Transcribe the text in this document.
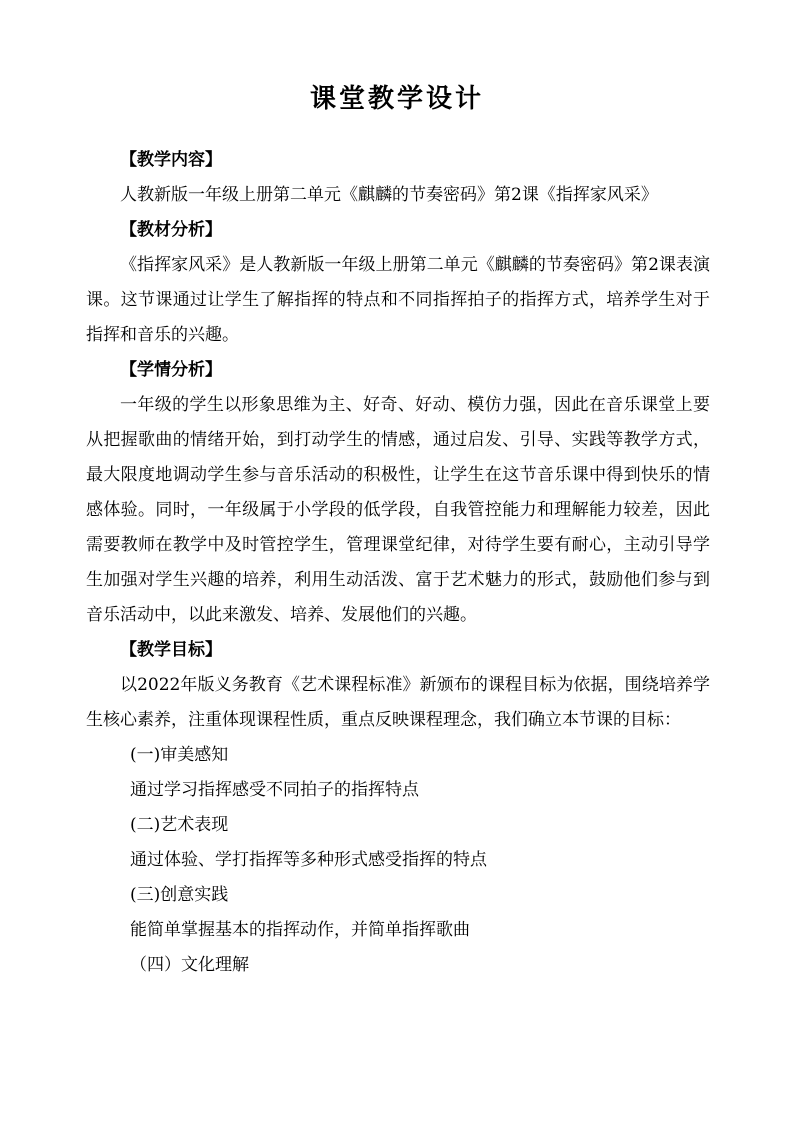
课堂教学设计
【教学内容】
人教新版一年级上册第二单元《麒麟的节奏密码》第2课《指挥家风采》
【教材分析】

《指挥家风采》是人教新版一年级上册第二单元《麒麟的节奏密码》第2课表演课。这节课通过让学生了解指挥的特点和不同指挥拍子的指挥方式，培养学生对于指挥和音乐的兴趣。

【学情分析】

一年级的学生以形象思维为主、好奇、好动、模仿力强，因此在音乐课堂上要从把握歌曲的情绪开始，到打动学生的情感，通过启发、引导、实践等教学方式，最大限度地调动学生参与音乐活动的积极性，让学生在这节音乐课中得到快乐的情感体验。同时，一年级属于小学段的低学段，自我管控能力和理解能力较差，因此需要教师在教学中及时管控学生，管理课堂纪律，对待学生要有耐心，主动引导学生加强对学生兴趣的培养，利用生动活泼、富于艺术魅力的形式，鼓励他们参与到音乐活动中，以此来激发、培养、发展他们的兴趣。

【教学目标】

以2022年版义务教育《艺术课程标准》新颁布的课程目标为依据，围绕培养学生核心素养，注重体现课程性质，重点反映课程理念，我们确立本节课的目标：

(一)审美感知
通过学习指挥感受不同拍子的指挥特点
(二)艺术表现
通过体验、学打指挥等多种形式感受指挥的特点
(三)创意实践
能简单掌握基本的指挥动作，并简单指挥歌曲
（四）文化理解
